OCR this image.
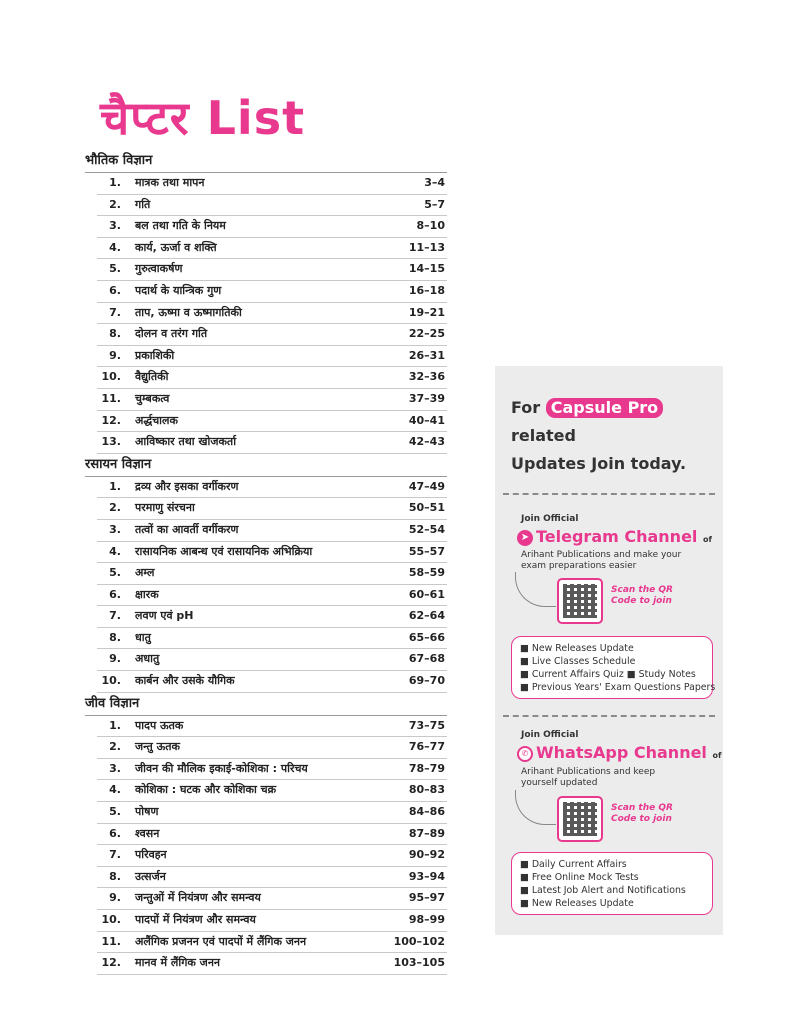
चैप्टर List
भौतिक विज्ञान
1. मात्रक तथा मापन	3–4
2. गति	5–7
3. बल तथा गति के नियम	8–10
4. कार्य, ऊर्जा व शक्ति	11–13
5. गुरुत्वाकर्षण	14–15
6. पदार्थ के यान्त्रिक गुण	16–18
7. ताप, ऊष्मा व ऊष्मागतिकी	19–21
8. दोलन व तरंग गति	22–25
9. प्रकाशिकी	26–31
10. वैद्युतिकी	32–36
11. चुम्बकत्व	37–39
12. अर्द्धचालक	40–41
13. आविष्कार तथा खोजकर्ता	42–43
रसायन विज्ञान
1. द्रव्य और इसका वर्गीकरण	47–49
2. परमाणु संरचना	50–51
3. तत्वों का आवर्ती वर्गीकरण	52–54
4. रासायनिक आबन्ध एवं रासायनिक अभिक्रिया	55–57
5. अम्ल	58–59
6. क्षारक	60–61
7. लवण एवं pH	62–64
8. धातु	65–66
9. अधातु	67–68
10. कार्बन और उसके यौगिक	69–70
जीव विज्ञान
1. पादप ऊतक	73–75
2. जन्तु ऊतक	76–77
3. जीवन की मौलिक इकाई-कोशिका : परिचय	78–79
4. कोशिका : घटक और कोशिका चक्र	80–83
5. पोषण	84–86
6. श्वसन	87–89
7. परिवहन	90–92
8. उत्सर्जन	93–94
9. जन्तुओं में नियंत्रण और समन्वय	95–97
10. पादपों में नियंत्रण और समन्वय	98–99
11. अलैंगिक प्रजनन एवं पादपों में लैंगिक जनन	100–102
12. मानव में लैंगिक जनन	103–105
For Capsule Pro related
Updates Join today.
Join Official
➤ Telegram Channel of
Arihant Publications and make your
exam preparations easier
Scan the QR
Code to join
■ New Releases Update
■ Live Classes Schedule
■ Current Affairs Quiz ■ Study Notes
■ Previous Years' Exam Questions Papers
Join Official
✆ WhatsApp Channel of
Arihant Publications and keep
yourself updated
Scan the QR
Code to join
■ Daily Current Affairs
■ Free Online Mock Tests
■ Latest Job Alert and Notifications
■ New Releases Update
